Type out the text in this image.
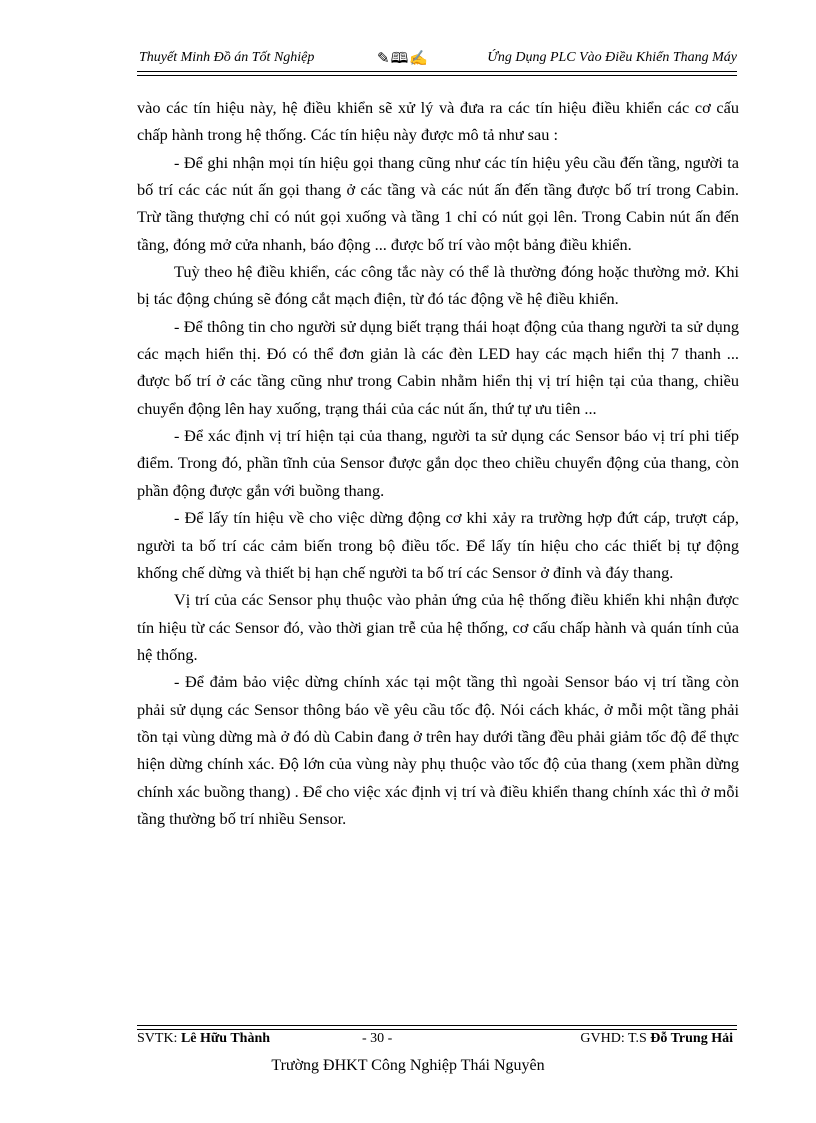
Thuyết Minh Đồ án Tốt Nghiệp	✎🕮✍	Ứng Dụng PLC Vào Điều Khiển Thang Máy

vào các tín hiệu này, hệ điều khiển sẽ xử lý và đưa ra các tín hiệu điều khiển các cơ cấu chấp hành trong hệ thống. Các tín hiệu này được mô tả như sau :

- Để ghi nhận mọi tín hiệu gọi thang cũng như các tín hiệu yêu cầu đến tầng, người ta bố trí các các nút ấn gọi thang ở các tầng và các nút ấn đến tầng được bố trí trong Cabin. Trừ tầng thượng chỉ có nút gọi xuống và tầng 1 chỉ có nút gọi lên. Trong Cabin nút ấn đến tầng, đóng mở cửa nhanh, báo động ... được bố trí vào một bảng điều khiển.

Tuỳ theo hệ điều khiển, các công tắc này có thể là thường đóng hoặc thường mở. Khi bị tác động chúng sẽ đóng cắt mạch điện, từ đó tác động về hệ điều khiển.

- Để thông tin cho người sử dụng biết trạng thái hoạt động của thang người ta sử dụng các mạch hiển thị. Đó có thể đơn giản là các đèn LED hay các mạch hiển thị 7 thanh ... được bố trí ở các tầng cũng như trong Cabin nhằm hiển thị vị trí hiện tại của thang, chiều chuyển động lên hay xuống, trạng thái của các nút ấn, thứ tự ưu tiên ...

- Để xác định vị trí hiện tại của thang, người ta sử dụng các Sensor báo vị trí phi tiếp điểm. Trong đó, phần tĩnh của Sensor được gắn dọc theo chiều chuyển động của thang, còn phần động được gắn với buồng thang.

- Để lấy tín hiệu về cho việc dừng động cơ khi xảy ra trường hợp đứt cáp, trượt cáp, người ta bố trí các cảm biến trong bộ điều tốc. Để lấy tín hiệu cho các thiết bị tự động khống chế dừng và thiết bị hạn chế người ta bố trí các Sensor ở đỉnh và đáy thang.

Vị trí của các Sensor phụ thuộc vào phản ứng của hệ thống điều khiển khi nhận được tín hiệu từ các Sensor đó, vào thời gian trễ của hệ thống, cơ cấu chấp hành và quán tính của hệ thống.

- Để đảm bảo việc dừng chính xác tại một tầng thì ngoài Sensor báo vị trí tầng còn phải sử dụng các Sensor thông báo về yêu cầu tốc độ. Nói cách khác, ở mỗi một tầng phải tồn tại vùng dừng mà ở đó dù Cabin đang ở trên hay dưới tầng đều phải giảm tốc độ để thực hiện dừng chính xác. Độ lớn của vùng này phụ thuộc vào tốc độ của thang (xem phần dừng chính xác buồng thang) . Để cho việc xác định vị trí và điều khiển thang chính xác thì ở mỗi tầng thường bố trí nhiều Sensor.

SVTK: Lê Hữu Thành	- 30 -	GVHD: T.S Đỗ Trung Hải
Trường ĐHKT Công Nghiệp Thái Nguyên
